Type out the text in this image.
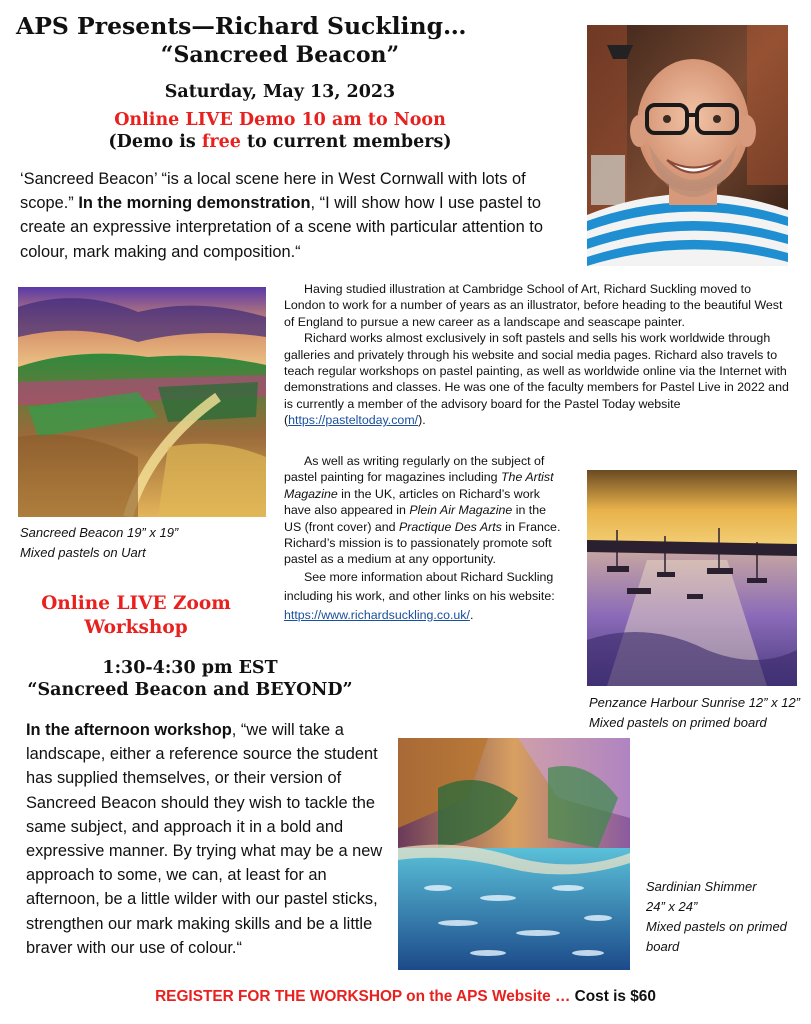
APS Presents—Richard Suckling…
“Sancreed Beacon”
Saturday, May 13, 2023
Online LIVE Demo 10 am to Noon
(Demo is free to current members)
‘Sancreed Beacon’ “is a local scene here in West Cornwall with lots of scope.” In the morning demonstration, “I will show how I use pastel to create an expressive interpretation of a scene with particular attention to colour, mark making and composition.“
Sancreed Beacon 19” x 19”
Mixed pastels on Uart

Having studied illustration at Cambridge School of Art, Richard Suckling moved to London to work for a number of years as an illustrator, before heading to the beautiful West of England to pursue a new career as a landscape and seascape painter.

Richard works almost exclusively in soft pastels and sells his work worldwide through galleries and privately through his website and social media pages. Richard also travels to teach regular workshops on pastel painting, as well as worldwide online via the Internet with demonstrations and classes. He was one of the faculty members for Pastel Live in 2022 and is currently a member of the advisory board for the Pastel Today website (https://pasteltoday.com/).

As well as writing regularly on the subject of pastel painting for magazines including The Artist Magazine in the UK, articles on Richard’s work have also appeared in Plein Air Magazine in the US (front cover) and Practique Des Arts in France. Richard’s mission is to passionately promote soft pastel as a medium at any opportunity.

See more information about Richard Suckling including his work, and other links on his website: https://www.richardsuckling.co.uk/.

Penzance Harbour Sunrise 12” x 12”
Mixed pastels on primed board
Online LIVE Zoom
Workshop
1:30-4:30 pm EST
“Sancreed Beacon and BEYOND”
In the afternoon workshop, “we will take a landscape, either a reference source the student has supplied themselves, or their version of Sancreed Beacon should they wish to tackle the same subject, and approach it in a bold and expressive manner. By trying what may be a new approach to some, we can, at least for an afternoon, be a little wilder with our pastel sticks, strengthen our mark making skills and be a little braver with our use of colour.“
Sardinian Shimmer
24” x 24”
Mixed pastels on primed board
REGISTER FOR THE WORKSHOP on the APS Website … Cost is $60
